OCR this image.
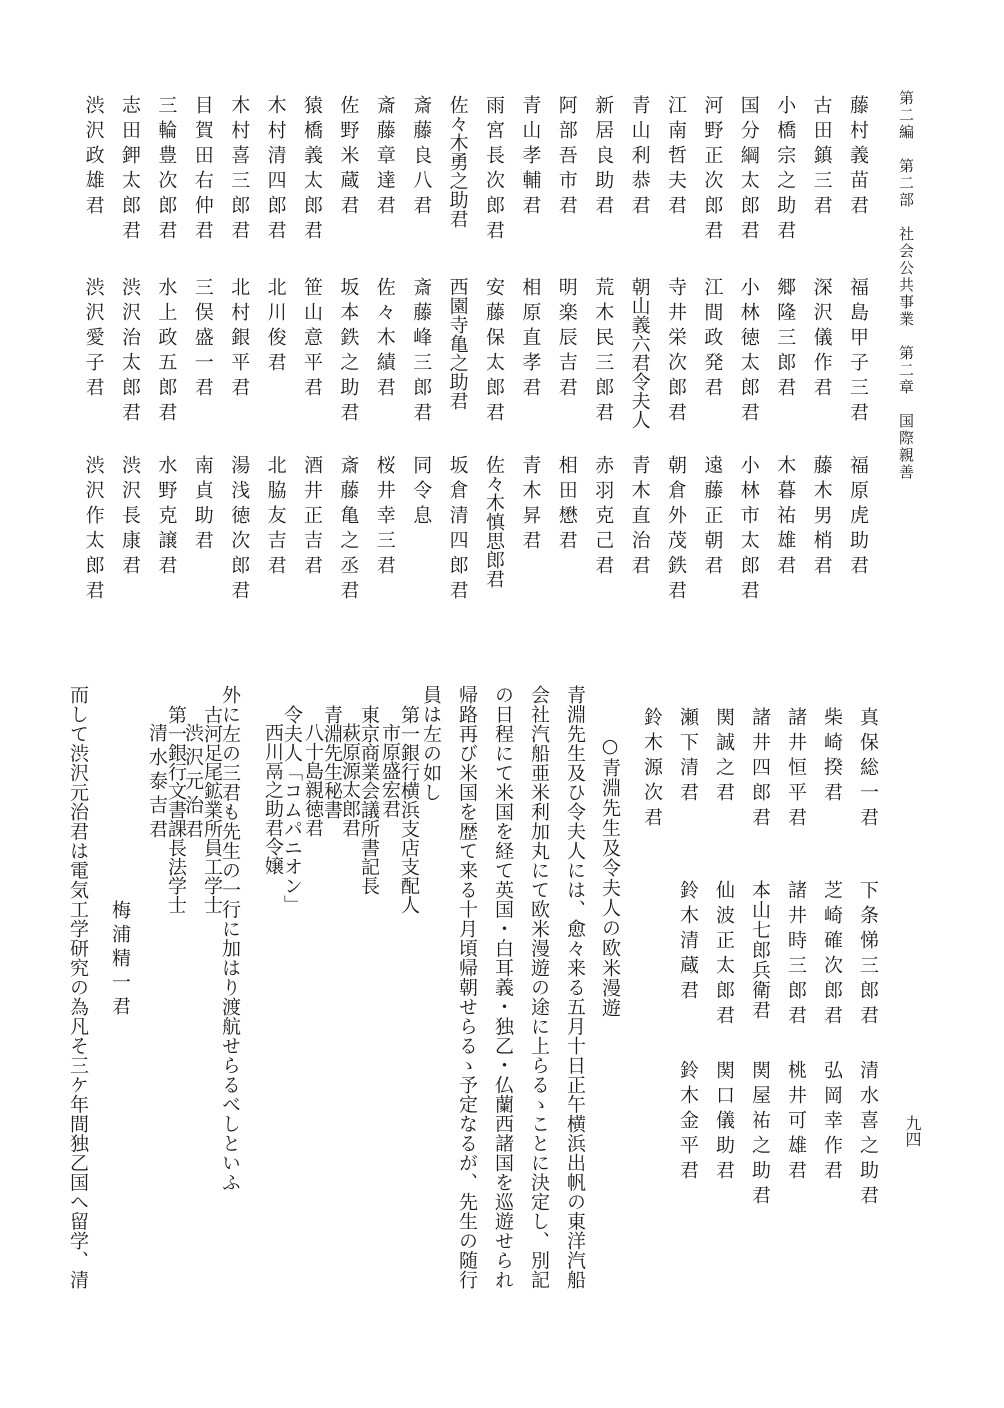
第二編　第二部　社会公共事業　第二章　国際親善
九四
藤村義苗君
福島甲子三君
福原虎助君
古田鎮三君
深沢儀作君
藤木男梢君
小橋宗之助君
郷隆三郎君
木暮祐雄君
国分綱太郎君
小林徳太郎君
小林市太郎君
河野正次郎君
江間政発君
遠藤正朝君
江南哲夫君
寺井栄次郎君
朝倉外茂鉄君
青山利恭君
朝山義六君令夫人
青木直治君
新居良助君
荒木民三郎君
赤羽克己君
阿部吾市君
明楽辰吉君
相田懋君
青山孝輔君
相原直孝君
青木昇君
雨宮長次郎君
安藤保太郎君
佐々木慎思郎君
佐々木勇之助君
西園寺亀之助君
坂倉清四郎君
斎藤良八君
斎藤峰三郎君
同令息
斎藤章達君
佐々木績君
桜井幸三君
佐野米蔵君
坂本鉄之助君
斎藤亀之丞君
猿橋義太郎君
笹山意平君
酒井正吉君
木村清四郎君
北川俊君
北脇友吉君
木村喜三郎君
北村銀平君
湯浅徳次郎君
目賀田右仲君
三俣盛一君
南貞助君
三輪豊次郎君
水上政五郎君
水野克譲君
志田鉀太郎君
渋沢治太郎君
渋沢長康君
渋沢政雄君
渋沢愛子君
渋沢作太郎君
真保総一君
下条悌三郎君
清水喜之助君
柴崎揆君
芝崎確次郎君
弘岡幸作君
諸井恒平君
諸井時三郎君
桃井可雄君
諸井四郎君
本山七郎兵衛君
関屋祐之助君
関誠之君
仙波正太郎君
関口儀助君
瀬下清君
鈴木清蔵君
鈴木金平君
鈴木源次君
○青淵先生及令夫人の欧米漫遊
青淵先生及ひ令夫人には、愈々来る五月十日正午横浜出帆の東洋汽船
会社汽船亜米利加丸にて欧米漫遊の途に上らるゝことに決定し、別記
の日程にて米国を経て英国・白耳義・独乙・仏蘭西諸国を巡遊せられ
帰路再び米国を歴て来る十月頃帰朝せらるゝ予定なるが、先生の随行
員は左の如し
第一銀行横浜支店支配人
市原盛宏君
東京商業会議所書記長
萩原源太郎君
青淵先生秘書
八十島親徳君
令夫人「コムパニオン」
西川鬲之助君令嬢
外に左の三君も先生の一行に加はり渡航せらるべしといふ
古河足尾鉱業所員工学士
渋沢元治君
第一銀行文書課長法学士
清水泰吉君
梅浦精一君
而して渋沢元治君は電気工学研究の為凡そ三ケ年間独乙国へ留学、清
